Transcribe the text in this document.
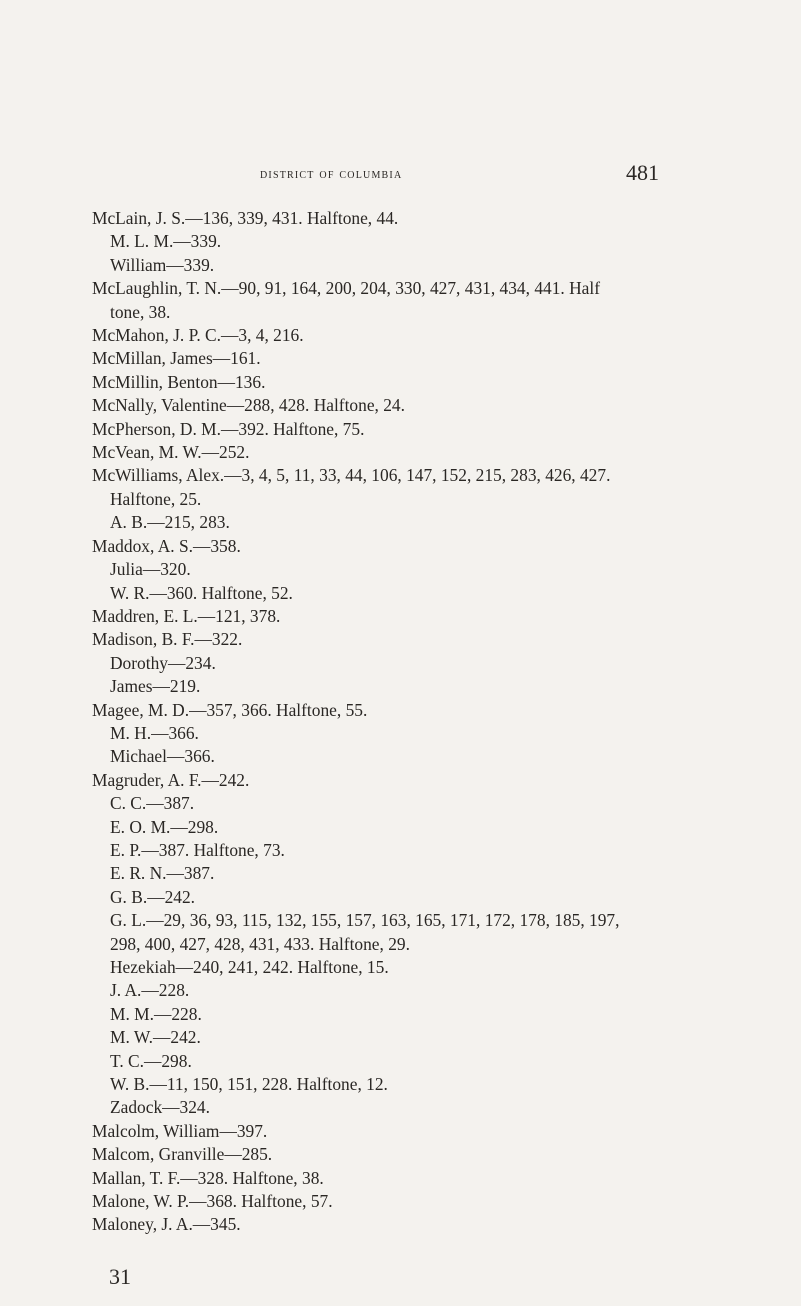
district of columbia	481
McLain, J. S.—136, 339, 431. Halftone, 44.
M. L. M.—339.
William—339.
McLaughlin, T. N.—90, 91, 164, 200, 204, 330, 427, 431, 434, 441. Half
tone, 38.
McMahon, J. P. C.—3, 4, 216.
McMillan, James—161.
McMillin, Benton—136.
McNally, Valentine—288, 428. Halftone, 24.
McPherson, D. M.—392. Halftone, 75.
McVean, M. W.—252.
McWilliams, Alex.—3, 4, 5, 11, 33, 44, 106, 147, 152, 215, 283, 426, 427.
Halftone, 25.
A. B.—215, 283.
Maddox, A. S.—358.
Julia—320.
W. R.—360. Halftone, 52.
Maddren, E. L.—121, 378.
Madison, B. F.—322.
Dorothy—234.
James—219.
Magee, M. D.—357, 366. Halftone, 55.
M. H.—366.
Michael—366.
Magruder, A. F.—242.
C. C.—387.
E. O. M.—298.
E. P.—387. Halftone, 73.
E. R. N.—387.
G. B.—242.
G. L.—29, 36, 93, 115, 132, 155, 157, 163, 165, 171, 172, 178, 185, 197,
298, 400, 427, 428, 431, 433. Halftone, 29.
Hezekiah—240, 241, 242. Halftone, 15.
J. A.—228.
M. M.—228.
M. W.—242.
T. C.—298.
W. B.—11, 150, 151, 228. Halftone, 12.
Zadock—324.
Malcolm, William—397.
Malcom, Granville—285.
Mallan, T. F.—328. Halftone, 38.
Malone, W. P.—368. Halftone, 57.
Maloney, J. A.—345.
31
